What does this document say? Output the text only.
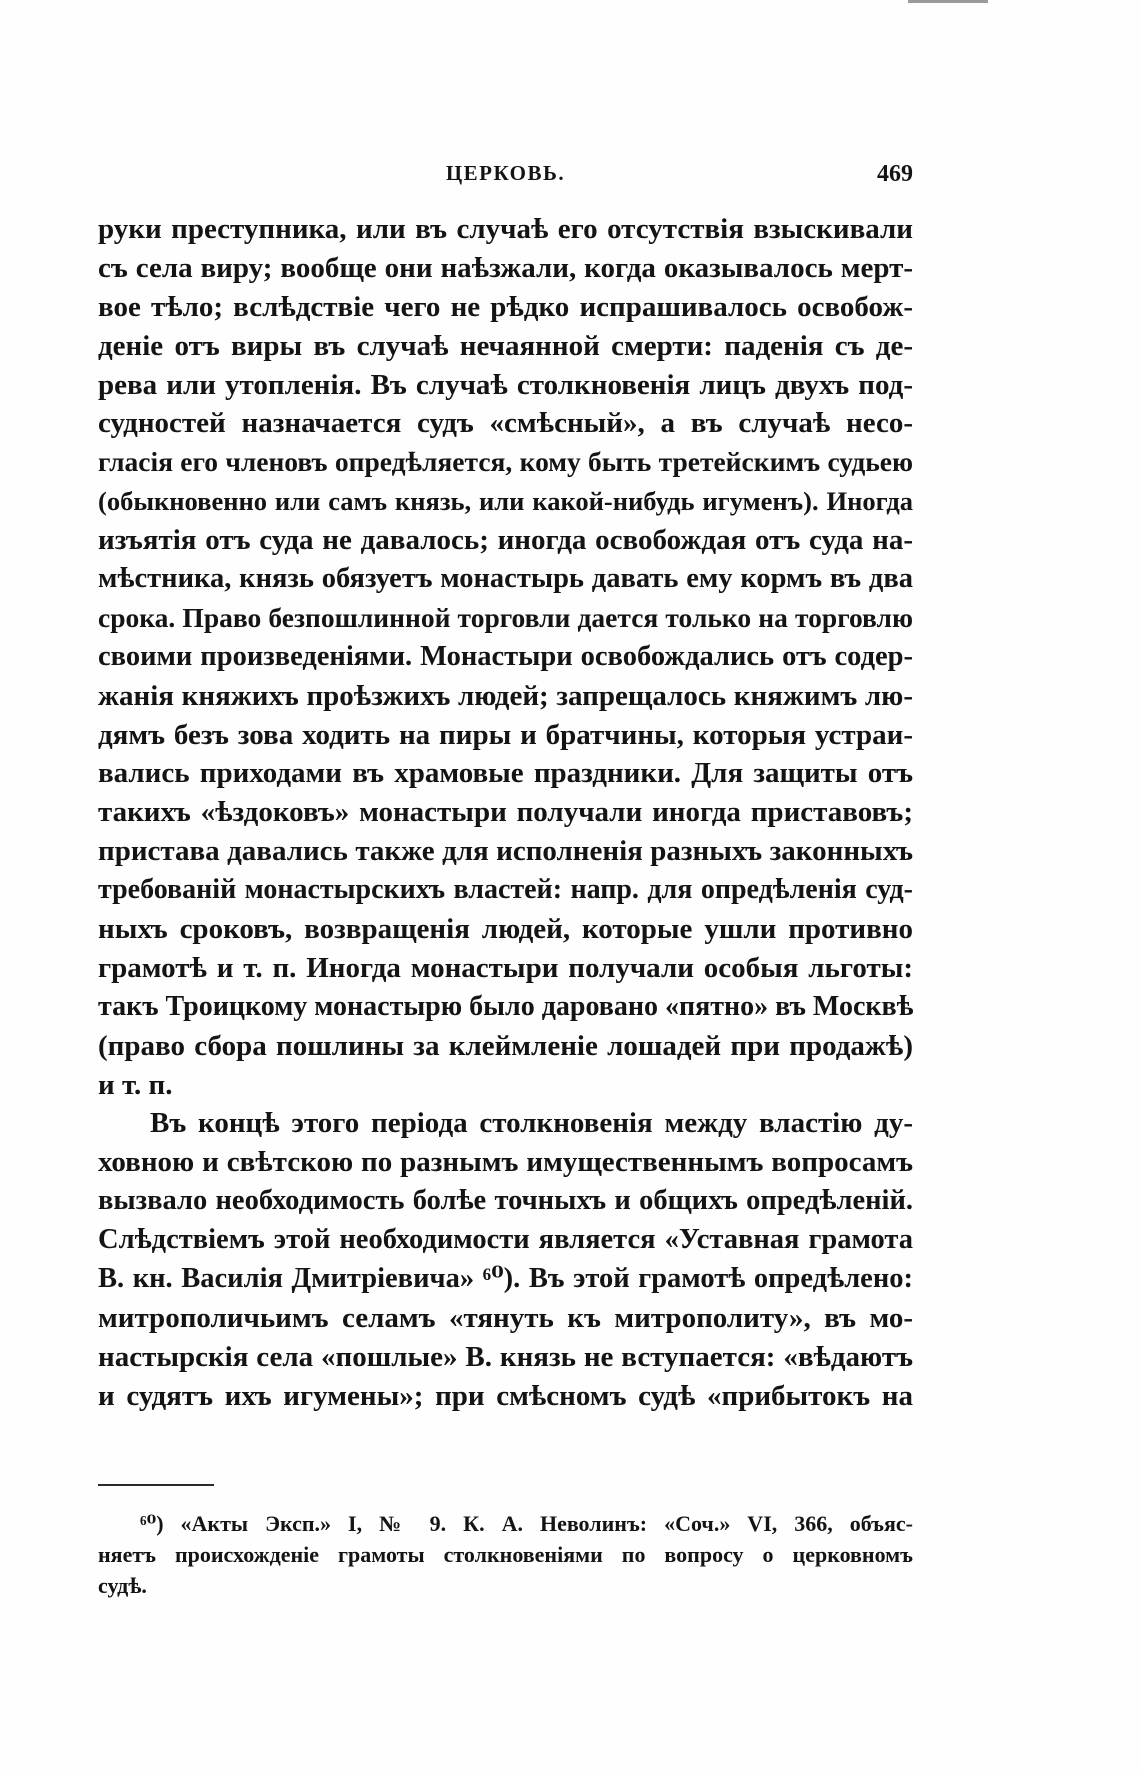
ЦЕРКОВЬ.	469
руки преступника, или въ случаѣ его отсутствія взыскивали
съ села виру; вообще они наѣзжали, когда оказывалось мерт-
вое тѣло; вслѣдствіе чего не рѣдко испрашивалось освобож-
деніе отъ виры въ случаѣ нечаянной смерти: паденія съ де-
рева или утопленія. Въ случаѣ столкновенія лицъ двухъ под-
судностей назначается судъ «смѣсный», а въ случаѣ несо-
гласія его членовъ опредѣляется, кому быть третейскимъ судьею
(обыкновенно или самъ князь, или какой-нибудь игуменъ). Иногда
изъятія отъ суда не давалось; иногда освобождая отъ суда на-
мѣстника, князь обязуетъ монастырь давать ему кормъ въ два
срока. Право безпошлинной торговли дается только на торговлю
своими произведеніями. Монастыри освобождались отъ содер-
жанія княжихъ проѣзжихъ людей; запрещалось княжимъ лю-
дямъ безъ зова ходить на пиры и братчины, которыя устраи-
вались приходами въ храмовые праздники. Для защиты отъ
такихъ «ѣздоковъ» монастыри получали иногда приставовъ;
пристава давались также для исполненія разныхъ законныхъ
требованій монастырскихъ властей: напр. для опредѣленія суд-
ныхъ сроковъ, возвращенія людей, которые ушли противно
грамотѣ и т. п. Иногда монастыри получали особыя льготы:
такъ Троицкому монастырю было даровано «пятно» въ Москвѣ
(право сбора пошлины за клеймленіе лошадей при продажѣ)
и т. п.
Въ концѣ этого періода столкновенія между властію ду-
ховною и свѣтскою по разнымъ имущественнымъ вопросамъ
вызвало необходимость болѣе точныхъ и общихъ опредѣленій.
Слѣдствіемъ этой необходимости является «Уставная грамота
В. кн. Василія Дмитріевича» ⁶⁰). Въ этой грамотѣ опредѣлено:
митрополичьимъ селамъ «тянуть къ митрополиту», въ мо-
настырскія села «пошлые» В. князь не вступается: «вѣдаютъ
и судятъ ихъ игумены»; при смѣсномъ судѣ «прибытокъ на
⁶⁰) «Акты Эксп.» I, № 9. К. А. Неволинъ: «Соч.» VI, 366, объяс-
няетъ происхожденіе грамоты столкновеніями по вопросу о церковномъ
судѣ.
